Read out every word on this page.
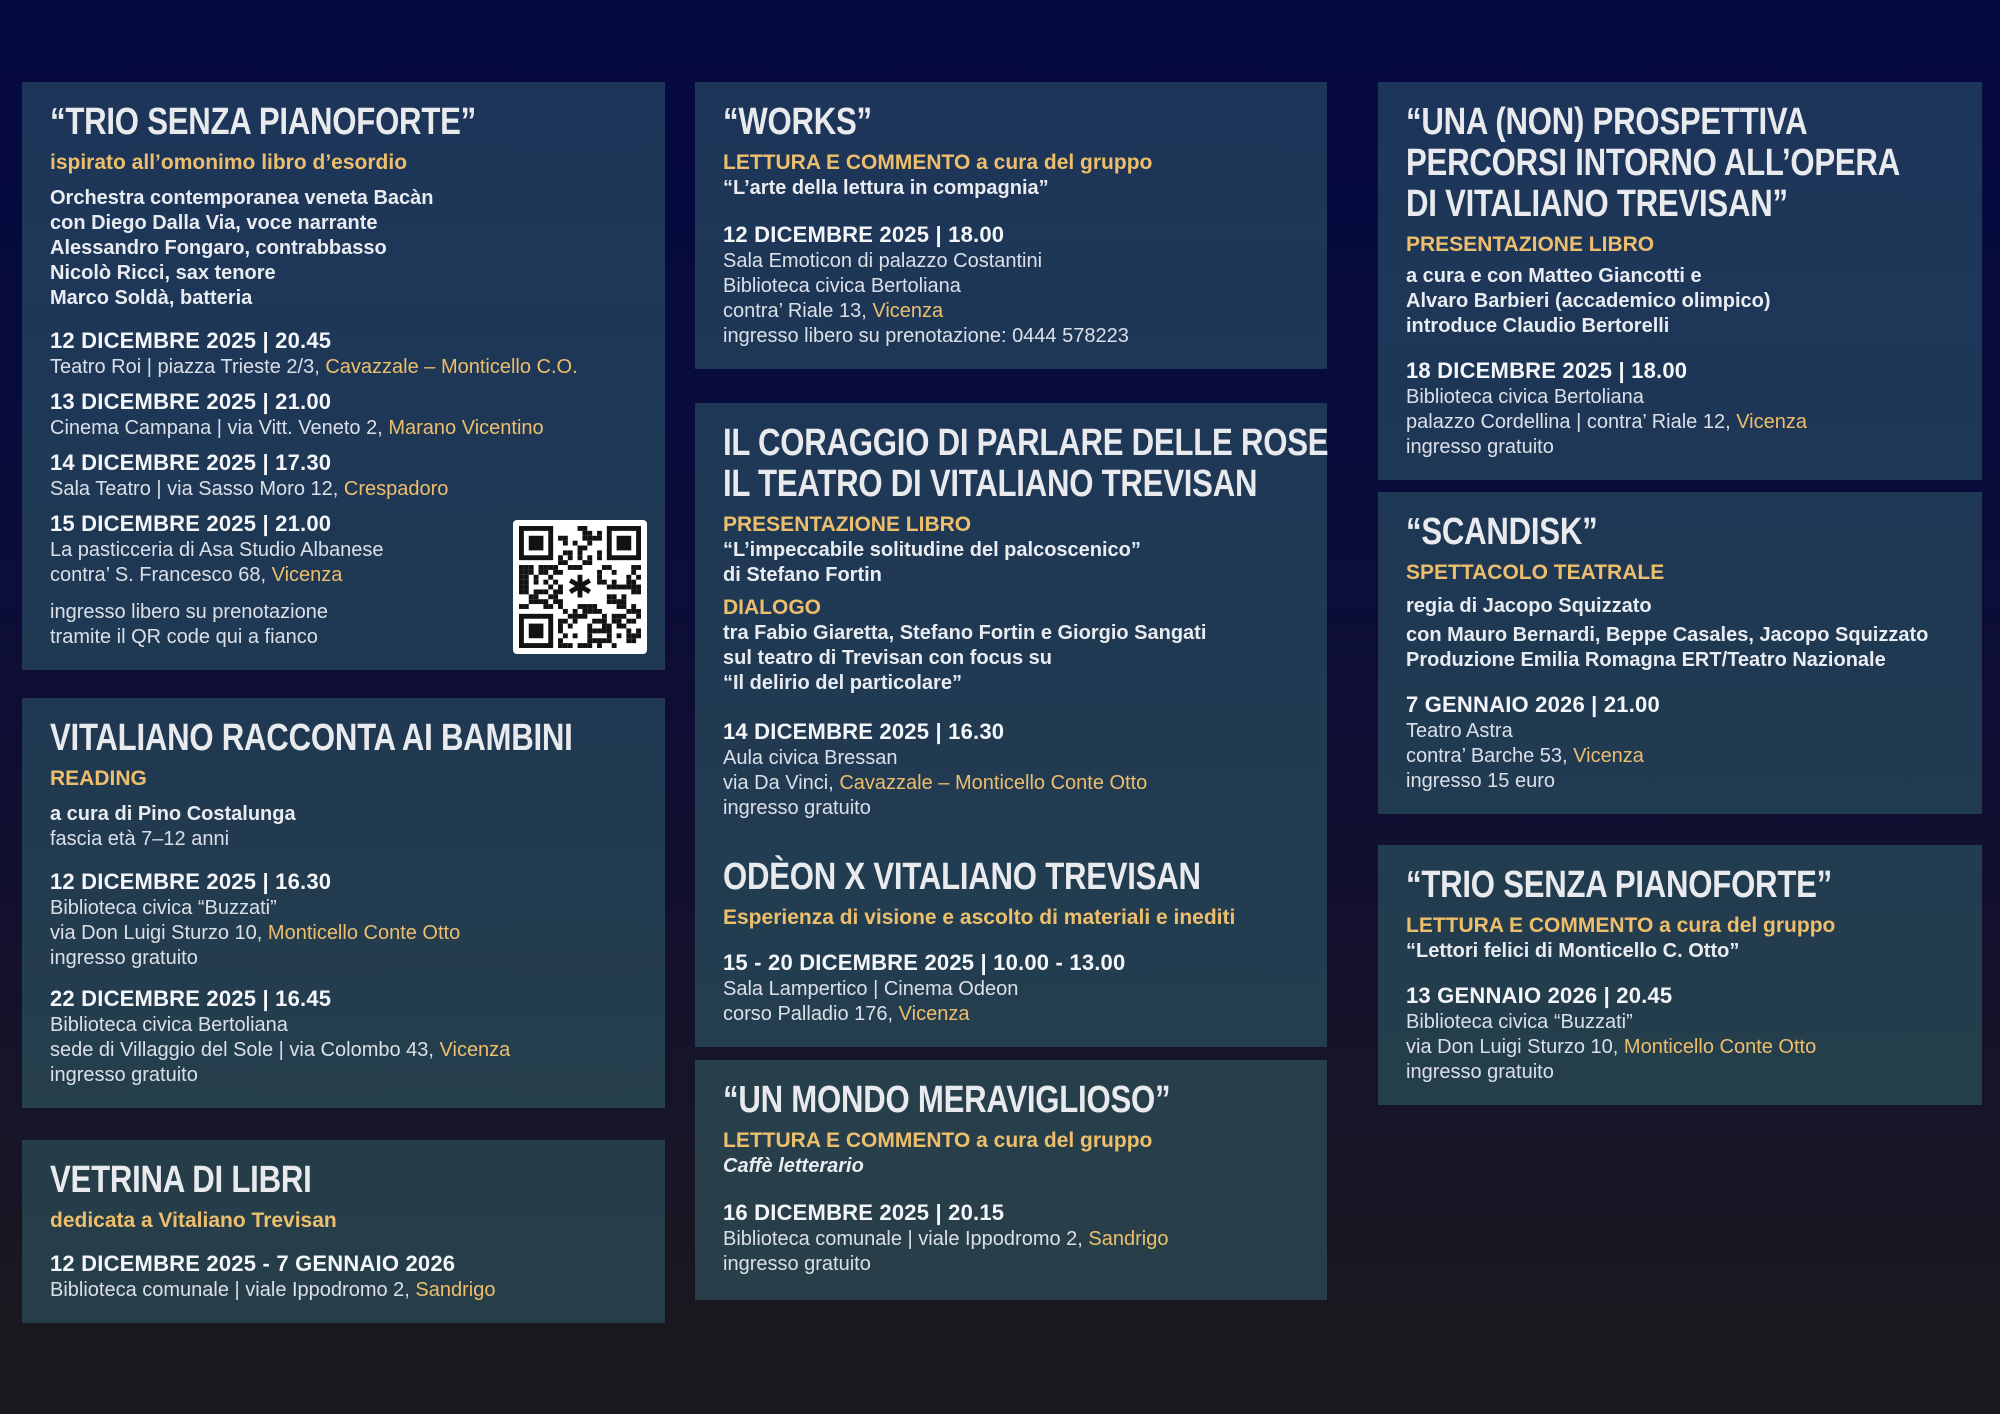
“TRIO SENZA PIANOFORTE”

ispirato all’omonimo libro d’esordio

Orchestra contemporanea veneta Bacàn

con Diego Dalla Via, voce narrante

Alessandro Fongaro, contrabbasso

Nicolò Ricci, sax tenore

Marco Soldà, batteria

12 DICEMBRE 2025 | 20.45

Teatro Roi | piazza Trieste 2/3, Cavazzale – Monticello C.O.

13 DICEMBRE 2025 | 21.00

Cinema Campana | via Vitt. Veneto 2, Marano Vicentino

14 DICEMBRE 2025 | 17.30

Sala Teatro | via Sasso Moro 12, Crespadoro

15 DICEMBRE 2025 | 21.00

La pasticceria di Asa Studio Albanese

contra’ S. Francesco 68, Vicenza

ingresso libero su prenotazione

tramite il QR code qui a fianco

✱
VITALIANO RACCONTA AI BAMBINI

READING

a cura di Pino Costalunga

fascia età 7–12 anni

12 DICEMBRE 2025 | 16.30

Biblioteca civica “Buzzati”

via Don Luigi Sturzo 10, Monticello Conte Otto

ingresso gratuito

22 DICEMBRE 2025 | 16.45

Biblioteca civica Bertoliana

sede di Villaggio del Sole | via Colombo 43, Vicenza

ingresso gratuito

VETRINA DI LIBRI

dedicata a Vitaliano Trevisan

12 DICEMBRE 2025 - 7 GENNAIO 2026

Biblioteca comunale | viale Ippodromo 2, Sandrigo

“WORKS”

LETTURA E COMMENTO a cura del gruppo

“L’arte della lettura in compagnia”

12 DICEMBRE 2025 | 18.00

Sala Emoticon di palazzo Costantini

Biblioteca civica Bertoliana

contra’ Riale 13, Vicenza

ingresso libero su prenotazione: 0444 578223

IL CORAGGIO DI PARLARE DELLE ROSE
IL TEATRO DI VITALIANO TREVISAN

PRESENTAZIONE LIBRO

“L’impeccabile solitudine del palcoscenico”

di Stefano Fortin

DIALOGO

tra Fabio Giaretta, Stefano Fortin e Giorgio Sangati

sul teatro di Trevisan con focus su

“Il delirio del particolare”

14 DICEMBRE 2025 | 16.30

Aula civica Bressan

via Da Vinci, Cavazzale – Monticello Conte Otto

ingresso gratuito

ODÈON X VITALIANO TREVISAN

Esperienza di visione e ascolto di materiali e inediti

15 - 20 DICEMBRE 2025 | 10.00 - 13.00

Sala Lampertico | Cinema Odeon

corso Palladio 176, Vicenza

“UN MONDO MERAVIGLIOSO”

LETTURA E COMMENTO a cura del gruppo

Caffè letterario

16 DICEMBRE 2025 | 20.15

Biblioteca comunale | viale Ippodromo 2, Sandrigo

ingresso gratuito

“UNA (NON) PROSPETTIVA
PERCORSI INTORNO ALL’OPERA
DI VITALIANO TREVISAN”

PRESENTAZIONE LIBRO

a cura e con Matteo Giancotti e

Alvaro Barbieri (accademico olimpico)

introduce Claudio Bertorelli

18 DICEMBRE 2025 | 18.00

Biblioteca civica Bertoliana

palazzo Cordellina | contra’ Riale 12, Vicenza

ingresso gratuito

“SCANDISK”

SPETTACOLO TEATRALE

regia di Jacopo Squizzato

con Mauro Bernardi, Beppe Casales, Jacopo Squizzato

Produzione Emilia Romagna ERT/Teatro Nazionale

7 GENNAIO 2026 | 21.00

Teatro Astra

contra’ Barche 53, Vicenza

ingresso 15 euro

“TRIO SENZA PIANOFORTE”

LETTURA E COMMENTO a cura del gruppo

“Lettori felici di Monticello C. Otto”

13 GENNAIO 2026 | 20.45

Biblioteca civica “Buzzati”

via Don Luigi Sturzo 10, Monticello Conte Otto

ingresso gratuito
